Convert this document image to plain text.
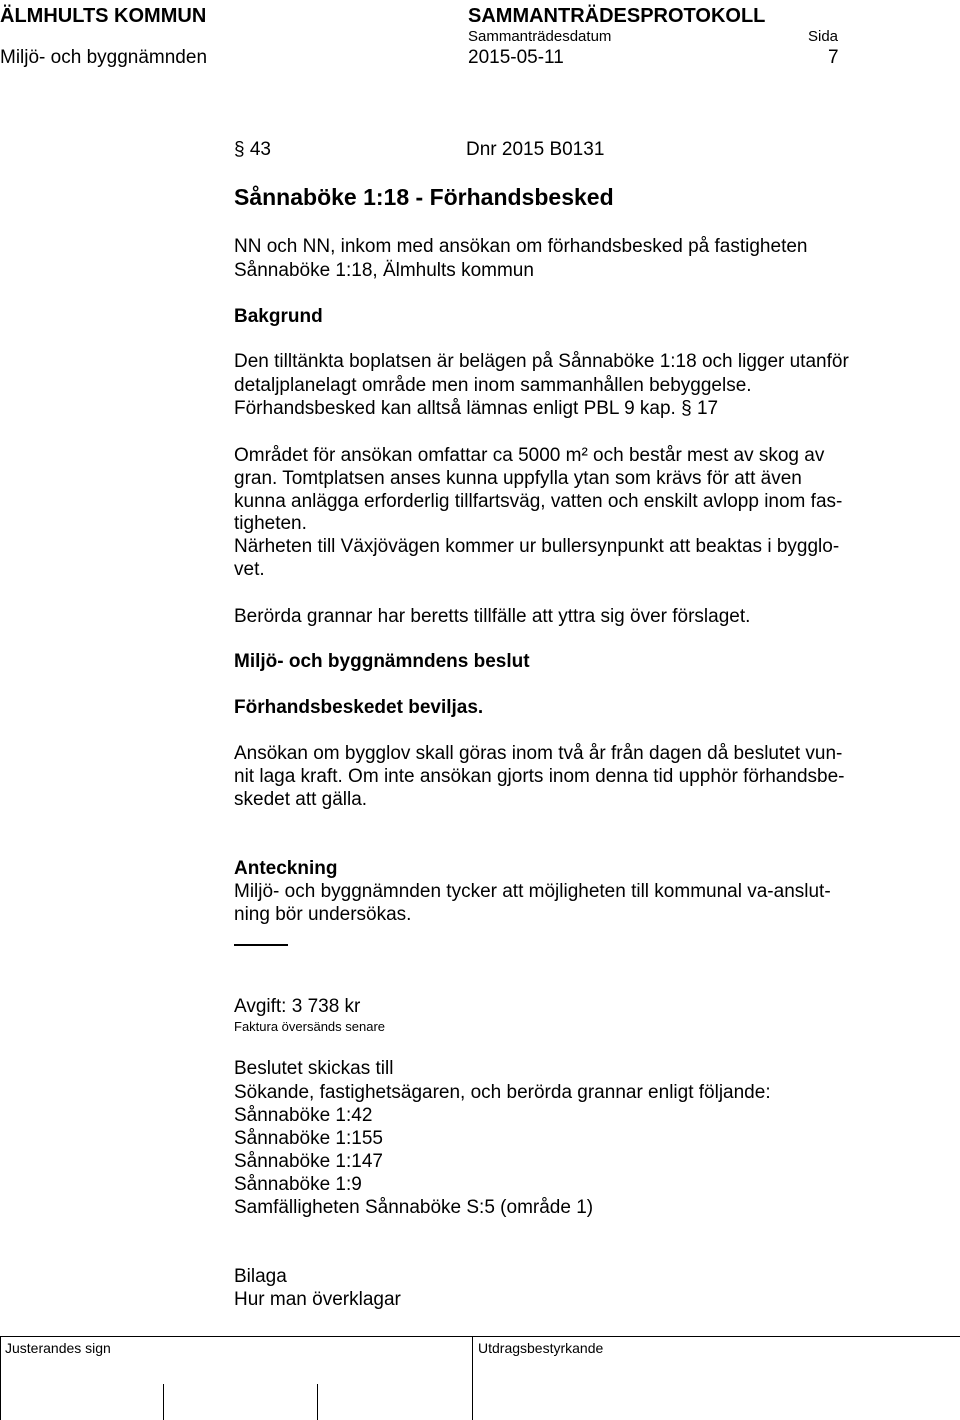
ÄLMHULTS KOMMUN	SAMMANTRÄDESPROTOKOLL
Sammanträdesdatum	Sida
Miljö- och byggnämnden	2015-05-11	7
§ 43	Dnr 2015 B0131
Sånnaböke 1:18 - Förhandsbesked
NN och NN, inkom med ansökan om förhandsbesked på fastigheten
Sånnaböke 1:18, Älmhults kommun
Bakgrund
Den tilltänkta boplatsen är belägen på Sånnaböke 1:18 och ligger utanför
detaljplanelagt område men inom sammanhållen bebyggelse.
Förhandsbesked kan alltså lämnas enligt PBL 9 kap. § 17
Området för ansökan omfattar ca 5000 m² och består mest av skog av
gran. Tomtplatsen anses kunna uppfylla ytan som krävs för att även
kunna anlägga erforderlig tillfartsväg, vatten och enskilt avlopp inom fas-
tigheten.
Närheten till Växjövägen kommer ur bullersynpunkt att beaktas i bygglo-
vet.
Berörda grannar har beretts tillfälle att yttra sig över förslaget.
Miljö- och byggnämndens beslut
Förhandsbeskedet beviljas.
Ansökan om bygglov skall göras inom två år från dagen då beslutet vun-
nit laga kraft. Om inte ansökan gjorts inom denna tid upphör förhandsbe-
skedet att gälla.
Anteckning
Miljö- och byggnämnden tycker att möjligheten till kommunal va-anslut-
ning bör undersökas.
Avgift: 3 738 kr
Faktura översänds senare
Beslutet skickas till
Sökande, fastighetsägaren, och berörda grannar enligt följande:
Sånnaböke 1:42
Sånnaböke 1:155
Sånnaböke 1:147
Sånnaböke 1:9
Samfälligheten Sånnaböke S:5 (område 1)
Bilaga
Hur man överklagar
Justerandes sign	Utdragsbestyrkande
